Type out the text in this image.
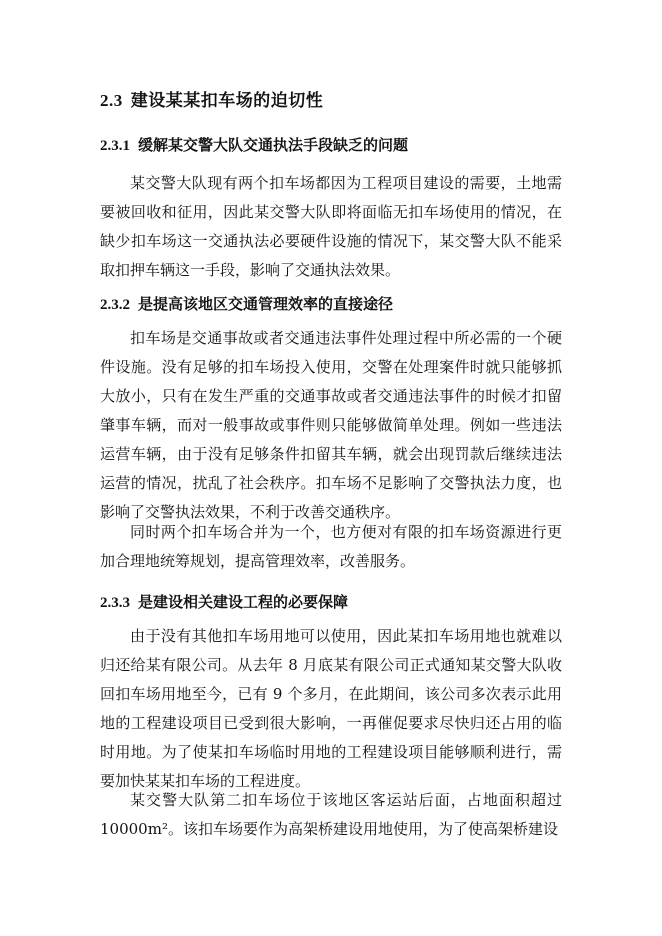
2.3 建设某某扣车场的迫切性
2.3.1 缓解某交警大队交通执法手段缺乏的问题

某交警大队现有两个扣车场都因为工程项目建设的需要，土地需要被回收和征用，因此某交警大队即将面临无扣车场使用的情况，在缺少扣车场这一交通执法必要硬件设施的情况下，某交警大队不能采取扣押车辆这一手段，影响了交通执法效果。

2.3.2 是提高该地区交通管理效率的直接途径

扣车场是交通事故或者交通违法事件处理过程中所必需的一个硬件设施。没有足够的扣车场投入使用，交警在处理案件时就只能够抓大放小，只有在发生严重的交通事故或者交通违法事件的时候才扣留肇事车辆，而对一般事故或事件则只能够做简单处理。例如一些违法运营车辆，由于没有足够条件扣留其车辆，就会出现罚款后继续违法运营的情况，扰乱了社会秩序。扣车场不足影响了交警执法力度，也影响了交警执法效果，不利于改善交通秩序。

同时两个扣车场合并为一个，也方便对有限的扣车场资源进行更加合理地统筹规划，提高管理效率，改善服务。

2.3.3 是建设相关建设工程的必要保障

由于没有其他扣车场用地可以使用，因此某扣车场用地也就难以归还给某有限公司。从去年 8 月底某有限公司正式通知某交警大队收回扣车场用地至今，已有 9 个多月，在此期间，该公司多次表示此用地的工程建设项目已受到很大影响，一再催促要求尽快归还占用的临时用地。为了使某扣车场临时用地的工程建设项目能够顺利进行，需要加快某某扣车场的工程进度。

某交警大队第二扣车场位于该地区客运站后面，占地面积超过 10000m²。该扣车场要作为高架桥建设用地使用，为了使高架桥建设
